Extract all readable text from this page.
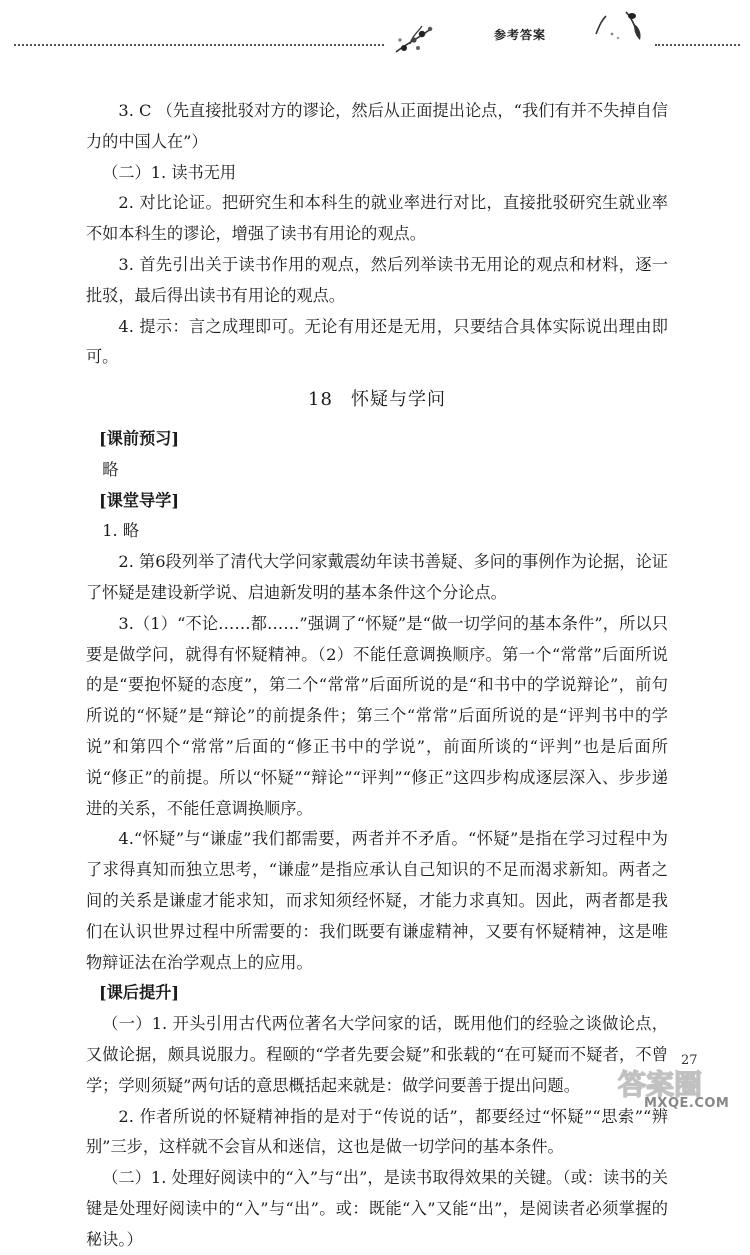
参考答案

3. C （先直接批驳对方的谬论，然后从正面提出论点，“我们有并不失掉自信力的中国人在”）

（二）1. 读书无用

2. 对比论证。把研究生和本科生的就业率进行对比，直接批驳研究生就业率不如本科生的谬论，增强了读书有用论的观点。

3. 首先引出关于读书作用的观点，然后列举读书无用论的观点和材料，逐一批驳，最后得出读书有用论的观点。

4. 提示：言之成理即可。无论有用还是无用，只要结合具体实际说出理由即可。

18 怀疑与学问

[课前预习]

略

[课堂导学]

1. 略

2. 第6段列举了清代大学问家戴震幼年读书善疑、多问的事例作为论据，论证了怀疑是建设新学说、启迪新发明的基本条件这个分论点。

3.（1）“不论……都……”强调了“怀疑”是“做一切学问的基本条件”，所以只要是做学问，就得有怀疑精神。（2）不能任意调换顺序。第一个“常常”后面所说的是“要抱怀疑的态度”，第二个“常常”后面所说的是“和书中的学说辩论”，前句所说的“怀疑”是“辩论”的前提条件；第三个“常常”后面所说的是“评判书中的学说”和第四个“常常”后面的“修正书中的学说”，前面所谈的“评判”也是后面所说“修正”的前提。所以“怀疑”“辩论”“评判”“修正”这四步构成逐层深入、步步递进的关系，不能任意调换顺序。

4.“怀疑”与“谦虚”我们都需要，两者并不矛盾。“怀疑”是指在学习过程中为了求得真知而独立思考，“谦虚”是指应承认自己知识的不足而渴求新知。两者之间的关系是谦虚才能求知，而求知须经怀疑，才能力求真知。因此，两者都是我们在认识世界过程中所需要的：我们既要有谦虚精神，又要有怀疑精神，这是唯物辩证法在治学观点上的应用。

[课后提升]

（一）1. 开头引用古代两位著名大学问家的话，既用他们的经验之谈做论点，又做论据，颇具说服力。程颐的“学者先要会疑”和张载的“在可疑而不疑者，不曾学；学则须疑”两句话的意思概括起来就是：做学问要善于提出问题。

2. 作者所说的怀疑精神指的是对于“传说的话”，都要经过“怀疑”“思索”“辨别”三步，这样就不会盲从和迷信，这也是做一切学问的基本条件。

（二）1. 处理好阅读中的“入”与“出”，是读书取得效果的关键。（或：读书的关键是处理好阅读中的“入”与“出”。或：既能“入”又能“出”，是阅读者必须掌握的秘诀。）

27
答案圈
MXQE.COM
